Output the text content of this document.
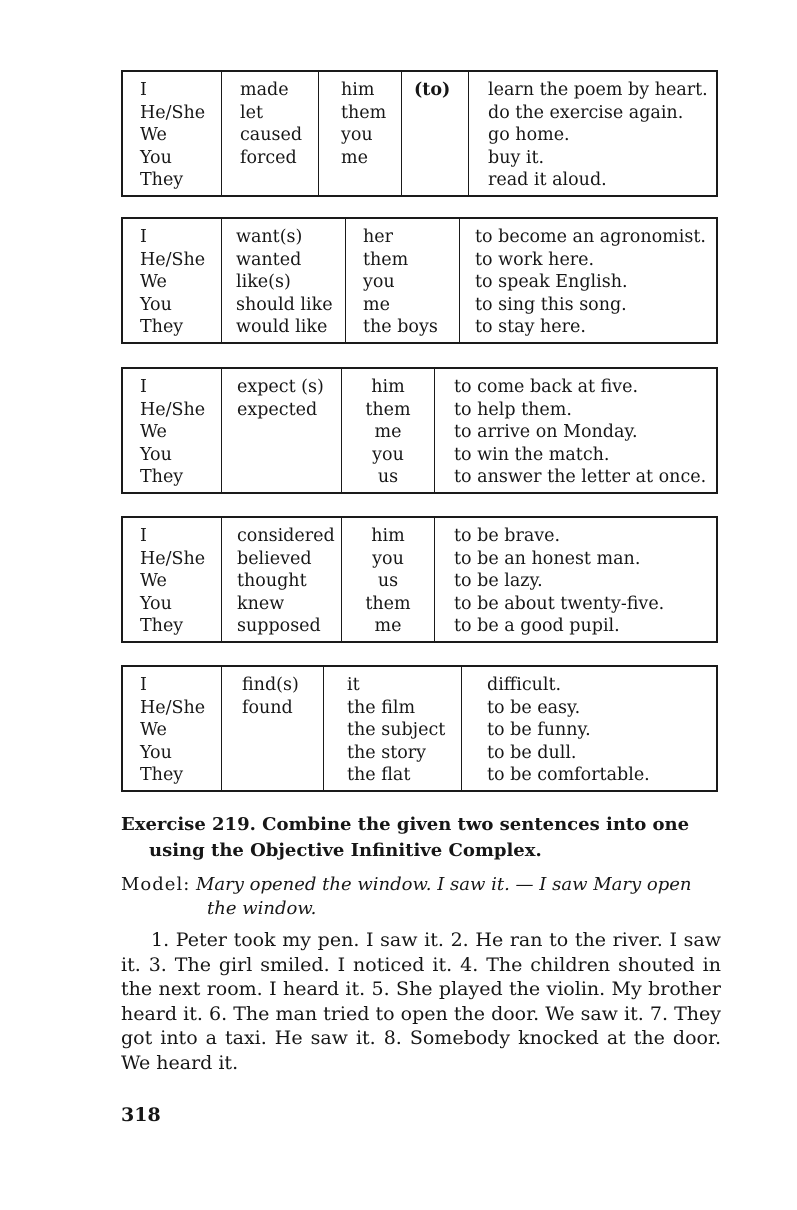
I
He/She
We
You
They
made
let
caused
forced
him
them
you
me
(to)	learn the poem by heart.
do the exercise again.
go home.
buy it.
read it aloud.
I
He/She
We
You
They
want(s)
wanted
like(s)
should like
would like
her
them
you
me
the boys
to become an agronomist.
to work here.
to speak English.
to sing this song.
to stay here.
I
He/She
We
You
They
expect (s)
expected
him
them
me
you
us
to come back at five.
to help them.
to arrive on Monday.
to win the match.
to answer the letter at once.
I
He/She
We
You
They
considered
believed
thought
knew
supposed
him
you
us
them
me
to be brave.
to be an honest man.
to be lazy.
to be about twenty-five.
to be a good pupil.
I
He/She
We
You
They
find(s)
found
it
the film
the subject
the story
the flat
difficult.
to be easy.
to be funny.
to be dull.
to be comfortable.

Exercise 219. Combine the given two sentences into one
using the Objective Infinitive Complex.

Model: Mary opened the window. I saw it. — I saw Mary open
the window.

1. Peter took my pen. I saw it. 2. He ran to the river. I saw it. 3. The girl smiled. I noticed it. 4. The children shouted in the next room. I heard it. 5. She played the violin. My brother heard it. 6. The man tried to open the door. We saw it. 7. They got into a taxi. He saw it. 8. Somebody knocked at the door. We heard it.

318
